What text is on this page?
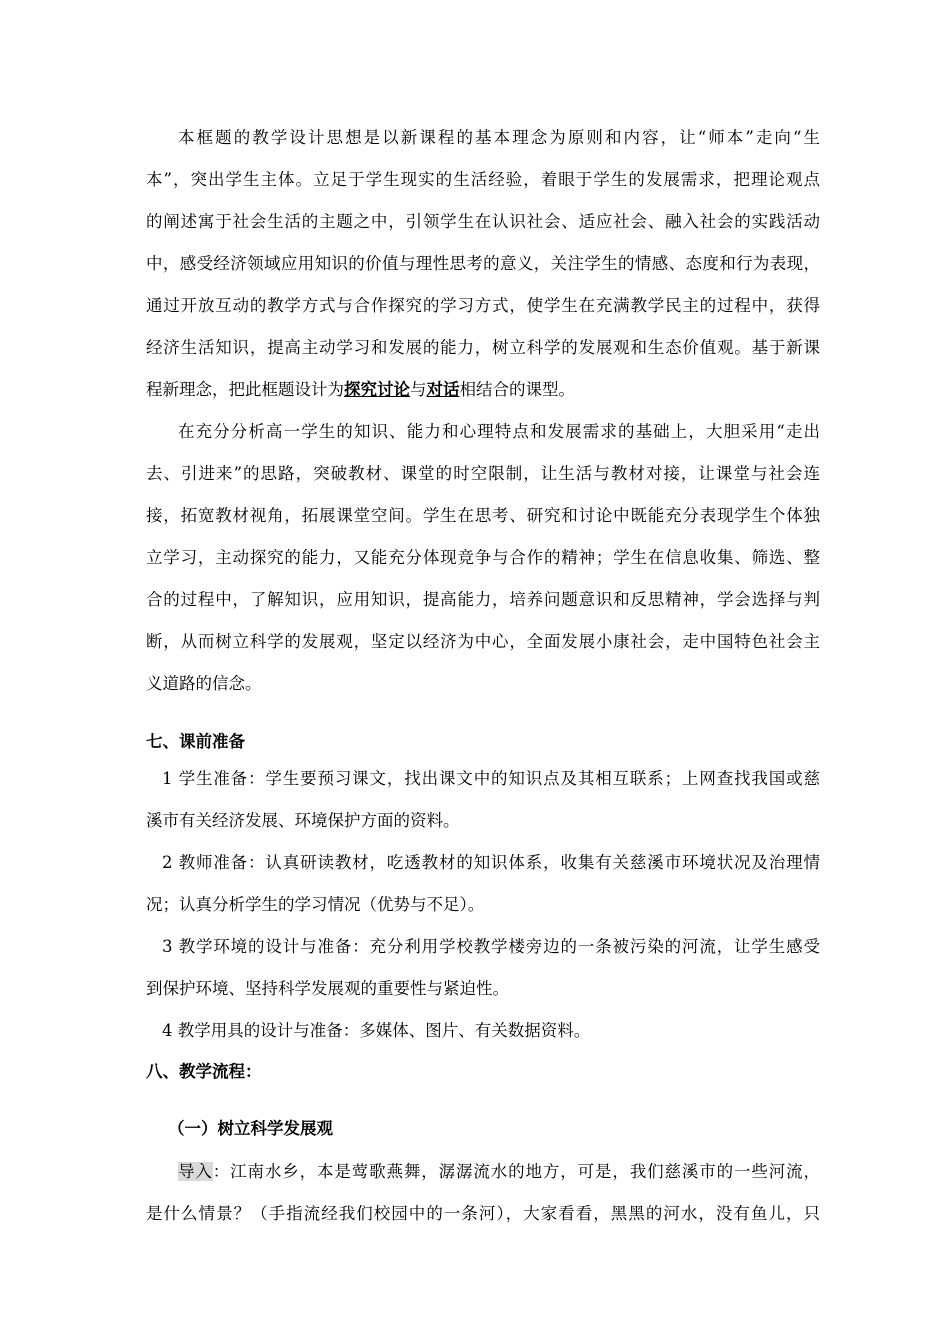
本框题的教学设计思想是以新课程的基本理念为原则和内容，让“师本”走向“生
本”，突出学生主体。立足于学生现实的生活经验，着眼于学生的发展需求，把理论观点
的阐述寓于社会生活的主题之中，引领学生在认识社会、适应社会、融入社会的实践活动
中，感受经济领域应用知识的价值与理性思考的意义，关注学生的情感、态度和行为表现，
通过开放互动的教学方式与合作探究的学习方式，使学生在充满教学民主的过程中，获得
经济生活知识，提高主动学习和发展的能力，树立科学的发展观和生态价值观。基于新课
程新理念，把此框题设计为探究讨论与对话相结合的课型。
在充分分析高一学生的知识、能力和心理特点和发展需求的基础上，大胆采用“走出
去、引进来”的思路，突破教材、课堂的时空限制，让生活与教材对接，让课堂与社会连
接，拓宽教材视角，拓展课堂空间。学生在思考、研究和讨论中既能充分表现学生个体独
立学习，主动探究的能力，又能充分体现竞争与合作的精神；学生在信息收集、筛选、整
合的过程中，了解知识，应用知识，提高能力，培养问题意识和反思精神，学会选择与判
断，从而树立科学的发展观，坚定以经济为中心，全面发展小康社会，走中国特色社会主
义道路的信念。
七、课前准备
1 学生准备：学生要预习课文，找出课文中的知识点及其相互联系；上网查找我国或慈
溪市有关经济发展、环境保护方面的资料。
2 教师准备：认真研读教材，吃透教材的知识体系，收集有关慈溪市环境状况及治理情
况；认真分析学生的学习情况（优势与不足）。
3 教学环境的设计与准备：充分利用学校教学楼旁边的一条被污染的河流，让学生感受
到保护环境、坚持科学发展观的重要性与紧迫性。
4 教学用具的设计与准备：多媒体、图片、有关数据资料。
八、教学流程：
（一）树立科学发展观
导入：江南水乡，本是莺歌燕舞，潺潺流水的地方，可是，我们慈溪市的一些河流，
是什么情景？（手指流经我们校园中的一条河），大家看看，黑黑的河水，没有鱼儿，只
